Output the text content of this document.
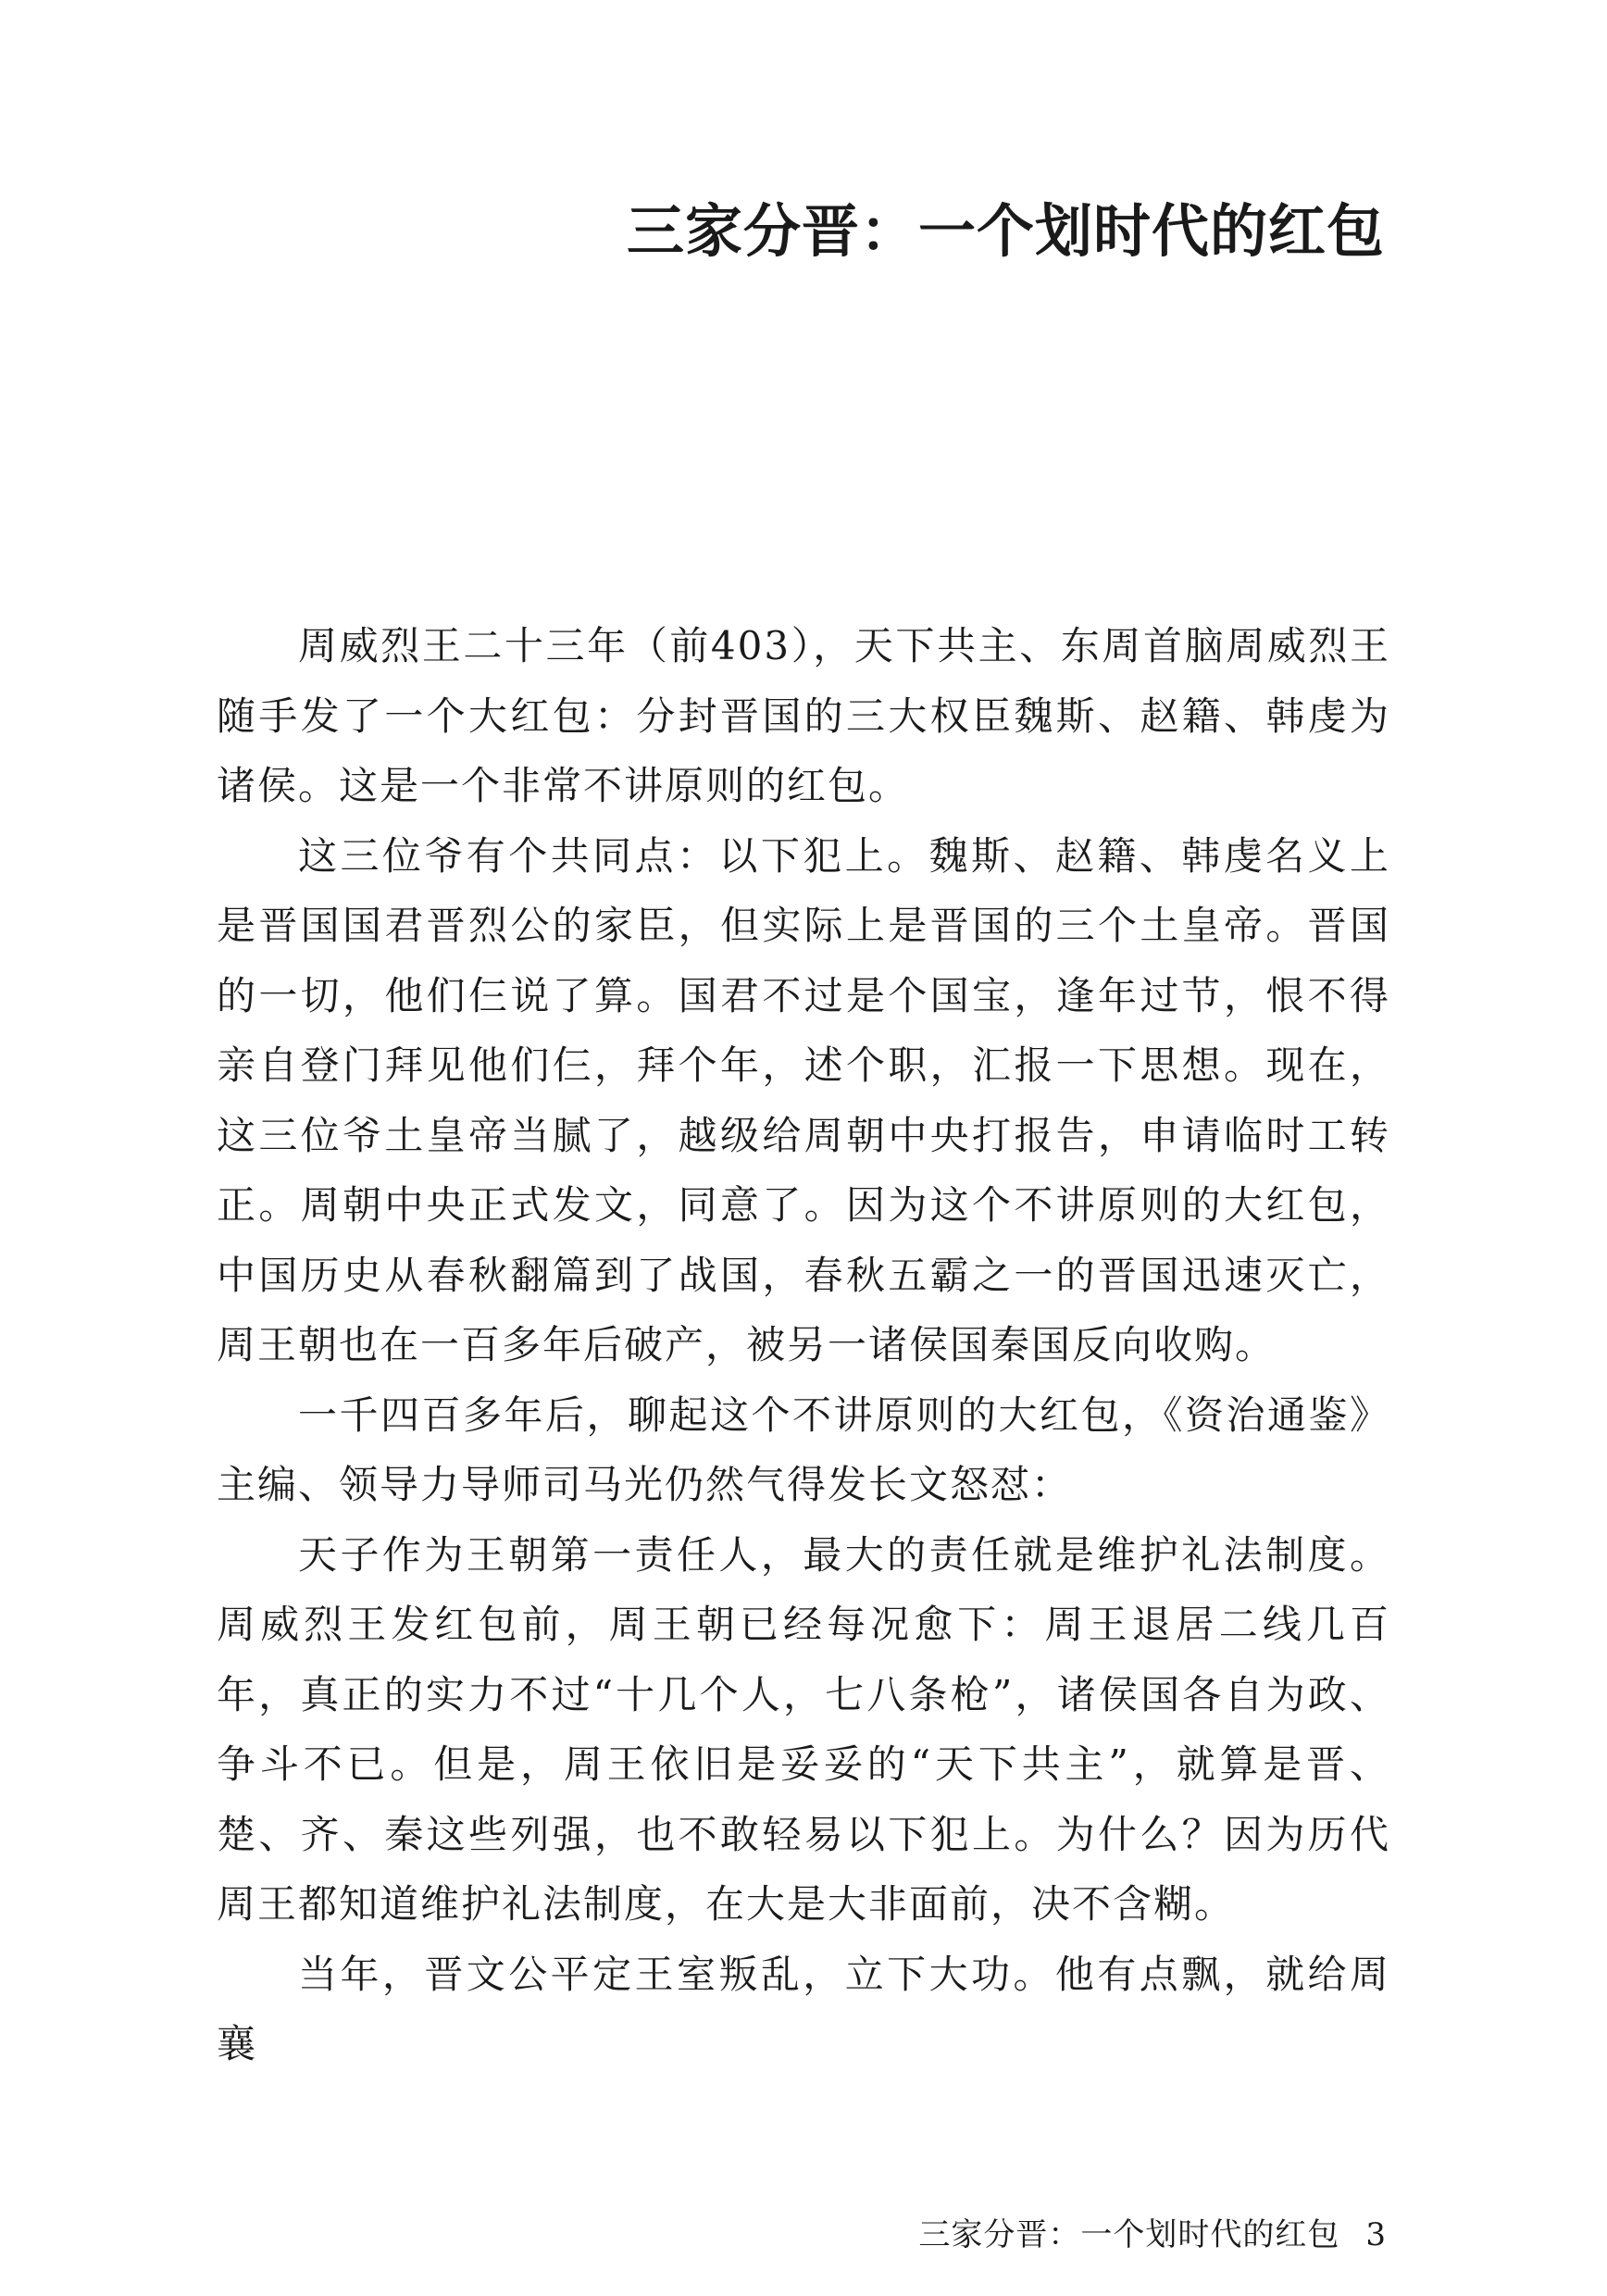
三家分晋：一个划时代的红包

周威烈王二十三年（前403），天下共主、东周首脑周威烈王随手发了一个大红包：分封晋国的三大权臣魏斯、赵籍、韩虔为诸侯。这是一个非常不讲原则的红包。

这三位爷有个共同点：以下犯上。魏斯、赵籍、韩虔名义上是晋国国君晋烈公的家臣，但实际上是晋国的三个土皇帝。晋国的一切，他们仨说了算。国君不过是个国宝，逢年过节，恨不得亲自登门拜见他们仨，拜个年，述个职，汇报一下思想。现在，这三位爷土皇帝当腻了，越级给周朝中央打报告，申请临时工转正。周朝中央正式发文，同意了。因为这个不讲原则的大红包，中国历史从春秋翻篇到了战国，春秋五霸之一的晋国迅速灭亡，周王朝也在一百多年后破产，被另一诸侯国秦国反向收购。

一千四百多年后，聊起这个不讲原则的大红包，《资治通鉴》主编、领导力导师司马光仍然气得发长文怒怼：

天子作为王朝第一责任人，最大的责任就是维护礼法制度。周威烈王发红包前，周王朝已经每况愈下：周王退居二线几百年，真正的实力不过“十几个人，七八条枪”，诸侯国各自为政、争斗不已。但是，周王依旧是妥妥的“天下共主”，就算是晋、楚、齐、秦这些列强，也不敢轻易以下犯上。为什么？因为历代周王都知道维护礼法制度，在大是大非面前，决不含糊。

当年，晋文公平定王室叛乱，立下大功。他有点飘，就给周襄

三家分晋：一个划时代的红包 3
